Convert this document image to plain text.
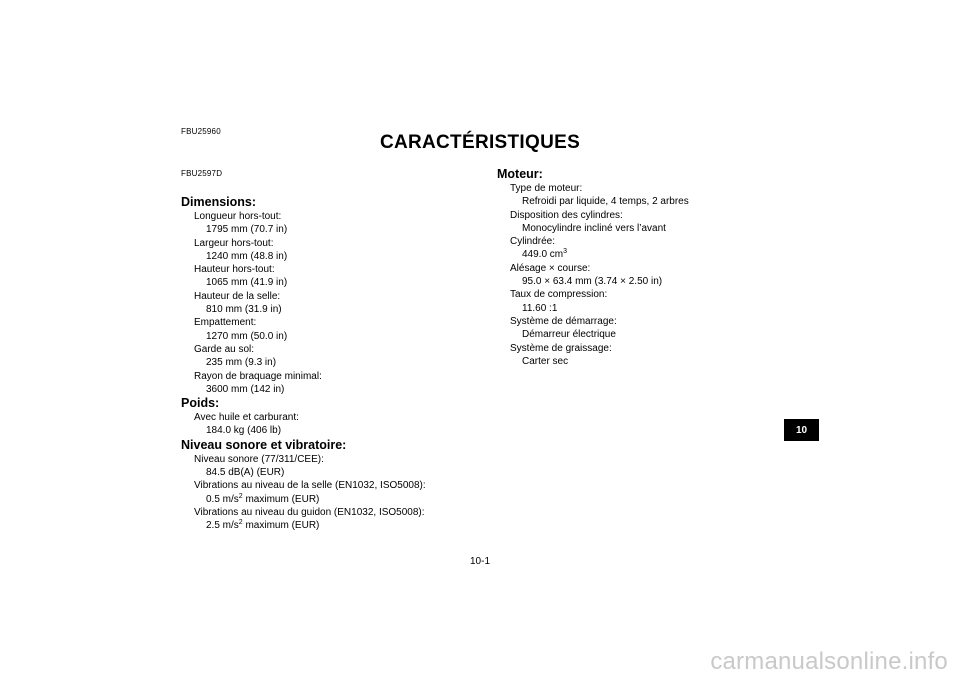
FBU25960
CARACTÉRISTIQUES
FBU2597D
Dimensions:
Longueur hors-tout:
1795 mm (70.7 in)
Largeur hors-tout:
1240 mm (48.8 in)
Hauteur hors-tout:
1065 mm (41.9 in)
Hauteur de la selle:
810 mm (31.9 in)
Empattement:
1270 mm (50.0 in)
Garde au sol:
235 mm (9.3 in)
Rayon de braquage minimal:
3600 mm (142 in)
Poids:
Avec huile et carburant:
184.0 kg (406 lb)
Niveau sonore et vibratoire:
Niveau sonore (77/311/CEE):
84.5 dB(A) (EUR)
Vibrations au niveau de la selle (EN1032, ISO5008):
0.5 $m/s^2$ maximum (EUR)
Vibrations au niveau du guidon (EN1032, ISO5008):
2.5 $m/s^2$ maximum (EUR)
Moteur:
Type de moteur:
Refroidi par liquide, 4 temps, 2 arbres
Disposition des cylindres:
Monocylindre incliné vers l’avant
Cylindrée:
449.0 $cm^3$
Alésage × course:
95.0 × 63.4 mm (3.74 × 2.50 in)
Taux de compression:
11.60 :1
Système de démarrage:
Démarreur électrique
Système de graissage:
Carter sec
10
10-1
carmanualsonline.info
